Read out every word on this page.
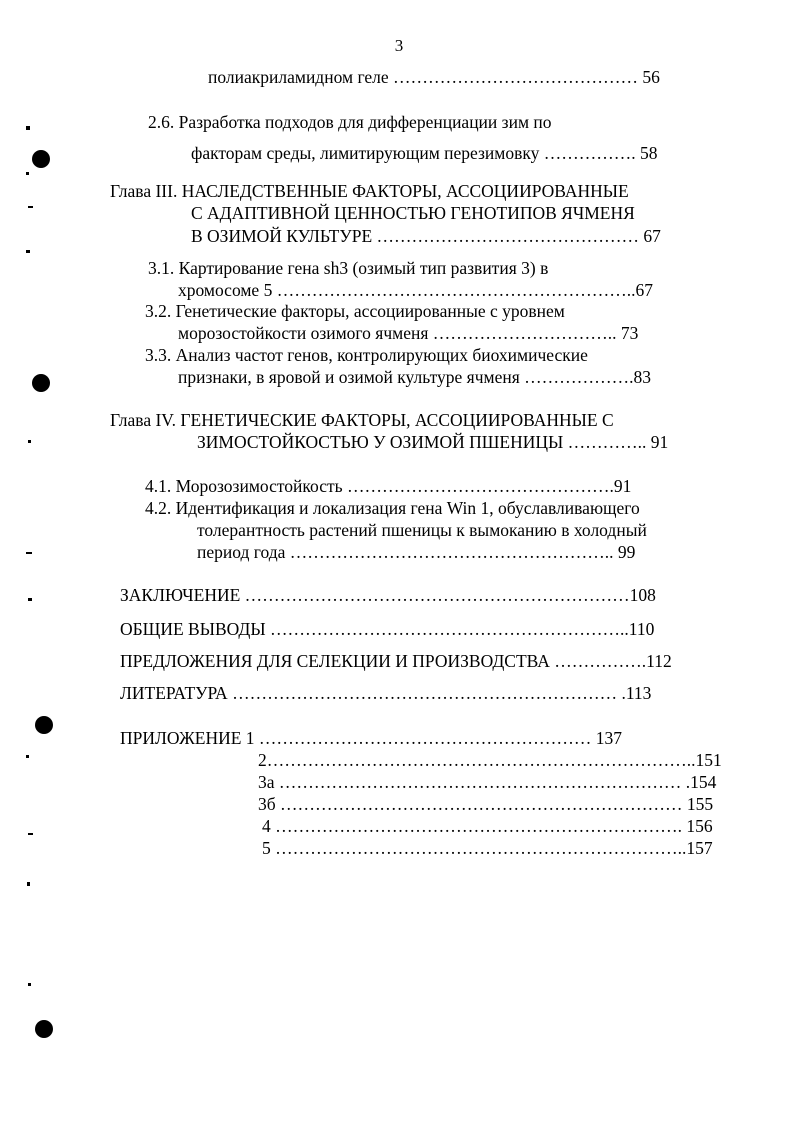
3
полиакриламидном геле …………………………………… 56
2.6. Разработка подходов для дифференциации зим по
факторам среды, лимитирующим перезимовку ……………. 58
Глава III. НАСЛЕДСТВЕННЫЕ ФАКТОРЫ, АССОЦИИРОВАННЫЕ
С АДАПТИВНОЙ ЦЕННОСТЬЮ ГЕНОТИПОВ ЯЧМЕНЯ
В ОЗИМОЙ КУЛЬТУРЕ ……………………………………… 67
3.1. Картирование гена sh3 (озимый тип развития 3) в
хромосоме 5 ……………………………………………………..67
3.2. Генетические факторы, ассоциированные с уровнем
морозостойкости озимого ячменя ………………………….. 73
3.3. Анализ частот генов, контролирующих биохимические
признаки, в яровой и озимой культуре ячменя ……………….83
Глава IV. ГЕНЕТИЧЕСКИЕ ФАКТОРЫ, АССОЦИИРОВАННЫЕ С
ЗИМОСТОЙКОСТЬЮ У ОЗИМОЙ ПШЕНИЦЫ ………….. 91
4.1. Морозозимостойкость ……………………………………….91
4.2. Идентификация и локализация гена Win 1, обуславливающего
толерантность растений пшеницы к вымоканию в холодный
период года ……………………………………………….. 99
ЗАКЛЮЧЕНИЕ …………………………………………………………108
ОБЩИЕ ВЫВОДЫ ……………………………………………………..110
ПРЕДЛОЖЕНИЯ ДЛЯ СЕЛЕКЦИИ И ПРОИЗВОДСТВА …………….112
ЛИТЕРАТУРА ………………………………………………………… .113
ПРИЛОЖЕНИЕ 1 ………………………………………………… 137
2………………………………………………………………..151
3а …………………………………………………………… .154
3б …………………………………………………………… 155
4 ……………………………………………………………. 156
5 ……………………………………………………………..157
